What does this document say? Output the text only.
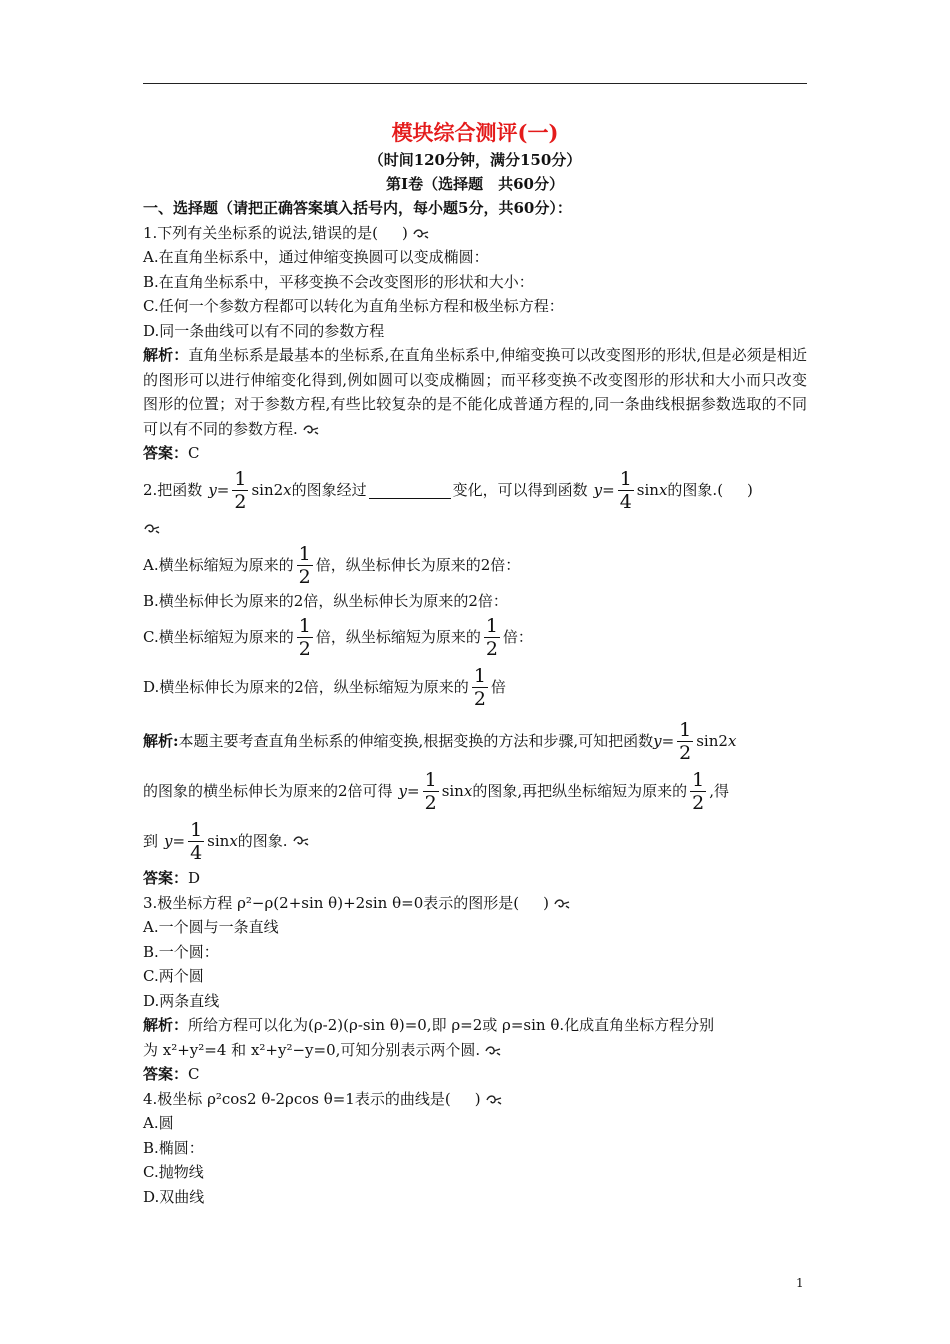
模块综合测评(一)
（时间120分钟，满分150分）
第Ⅰ卷（选择题　共60分）
一、选择题（请把正确答案填入括号内，每小题5分，共60分）：
1.下列有关坐标系的说法,错误的是( )
A.在直角坐标系中，通过伸缩变换圆可以变成椭圆：
B.在直角坐标系中，平移变换不会改变图形的形状和大小：
C.任何一个参数方程都可以转化为直角坐标方程和极坐标方程：
D.同一条曲线可以有不同的参数方程
解析：直角坐标系是最基本的坐标系,在直角坐标系中,伸缩变换可以改变图形的形状,但是必须是相近的图形可以进行伸缩变化得到,例如圆可以变成椭圆；而平移变换不改变图形的形状和大小而只改变图形的位置；对于参数方程,有些比较复杂的是不能化成普通方程的,同一条曲线根据参数选取的不同可以有不同的参数方程.
答案：C
2.把函数 $y= \frac{1}{2} \sin 2$ x 的图象经过	变化，可以得到函数 $y= \frac{1}{4}$ sin x 的图象.( )
A.横坐标缩短为原来的 $\frac{1}{2}$ 倍，纵坐标伸长为原来的2倍：
B.横坐标伸长为原来的2倍，纵坐标伸长为原来的2倍：
C.横坐标缩短为原来的 $\frac{1}{2}$ 倍，纵坐标缩短为原来的 $\frac{1}{2}$ 倍：
D.横坐标伸长为原来的2倍，纵坐标缩短为原来的 $\frac{1}{2}$ 倍
解析: 本题主要考查直角坐标系的伸缩变换,根据变换的方法和步骤,可知把函数 $y= \frac{1}{2} \sin 2$ x
的图象的横坐标伸长为原来的2倍可得 $y= \frac{1}{2}$ sin x 的图象,再把纵坐标缩短为原来的 $\frac{1}{2}$ ,得
到 $y= \frac{1}{4}$ sin x 的图象.
答案：D
3.极坐标方程 ρ²−ρ(2+sin θ)+2sin θ=0表示的图形是( )
A.一个圆与一条直线
B.一个圆：
C.两个圆
D.两条直线
解析：所给方程可以化为(ρ-2)(ρ-sin θ)=0,即 ρ=2或 ρ=sin θ.化成直角坐标方程分别
为 x²+y²=4 和 x²+y²−y=0,可知分别表示两个圆.
答案：C
4.极坐标 ρ²cos2 θ-2ρcos θ=1表示的曲线是( )
A.圆
B.椭圆：
C.抛物线
D.双曲线
1
